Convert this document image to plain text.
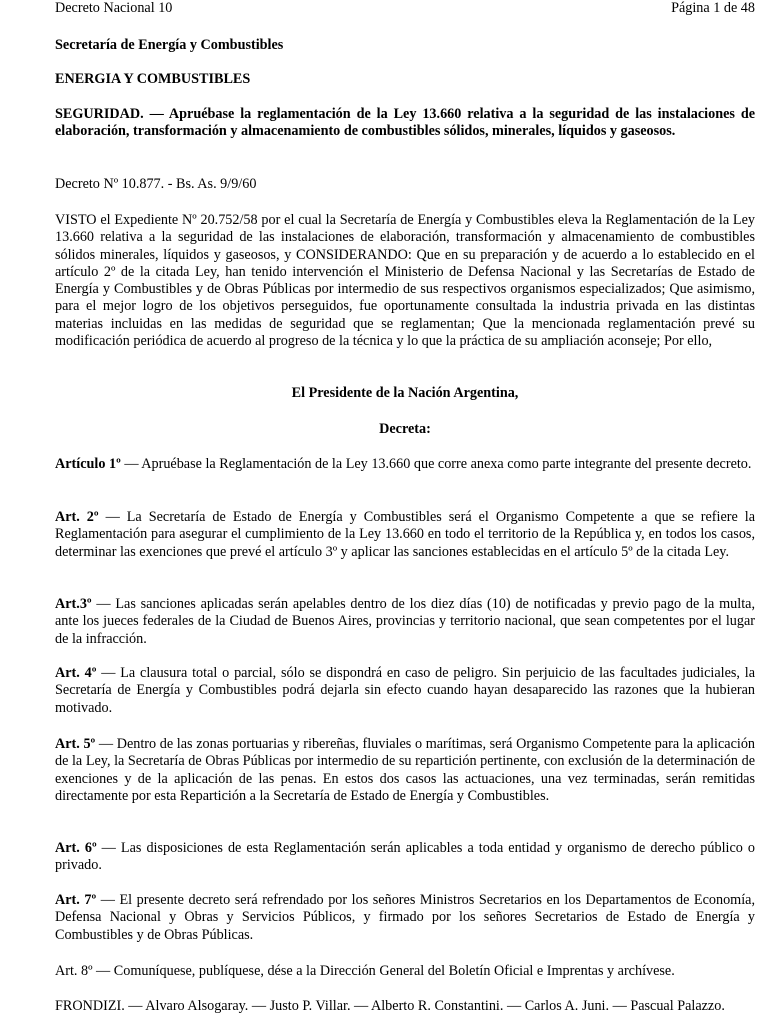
Decreto Nacional 10	Página 1 de 48

Secretaría de Energía y Combustibles

ENERGIA Y COMBUSTIBLES

SEGURIDAD. — Apruébase la reglamentación de la Ley 13.660 relativa a la seguridad de las instalaciones de elaboración, transformación y almacenamiento de combustibles sólidos, minerales, líquidos y gaseosos.

Decreto Nº 10.877. - Bs. As. 9/9/60

VISTO el Expediente Nº 20.752/58 por el cual la Secretaría de Energía y Combustibles eleva la Reglamentación de la Ley 13.660 relativa a la seguridad de las instalaciones de elaboración, transformación y almacenamiento de combustibles sólidos minerales, líquidos y gaseosos, y CONSIDERANDO: Que en su preparación y de acuerdo a lo establecido en el artículo 2º de la citada Ley, han tenido intervención el Ministerio de Defensa Nacional y las Secretarías de Estado de Energía y Combustibles y de Obras Públicas por intermedio de sus respectivos organismos especializados; Que asimismo, para el mejor logro de los objetivos perseguidos, fue oportunamente consultada la industria privada en las distintas materias incluidas en las medidas de seguridad que se reglamentan; Que la mencionada reglamentación prevé su modificación periódica de acuerdo al progreso de la técnica y lo que la práctica de su ampliación aconseje; Por ello,

El Presidente de la Nación Argentina,

Decreta:

Artículo 1º — Apruébase la Reglamentación de la Ley 13.660 que corre anexa como parte integrante del presente decreto.

Art. 2º — La Secretaría de Estado de Energía y Combustibles será el Organismo Competente a que se refiere la Reglamentación para asegurar el cumplimiento de la Ley 13.660 en todo el territorio de la República y, en todos los casos, determinar las exenciones que prevé el artículo 3º y aplicar las sanciones establecidas en el artículo 5º de la citada Ley.

Art.3º — Las sanciones aplicadas serán apelables dentro de los diez días (10) de notificadas y previo pago de la multa, ante los jueces federales de la Ciudad de Buenos Aires, provincias y territorio nacional, que sean competentes por el lugar de la infracción.

Art. 4º — La clausura total o parcial, sólo se dispondrá en caso de peligro. Sin perjuicio de las facultades judiciales, la Secretaría de Energía y Combustibles podrá dejarla sin efecto cuando hayan desaparecido las razones que la hubieran motivado.

Art. 5º — Dentro de las zonas portuarias y ribereñas, fluviales o marítimas, será Organismo Competente para la aplicación de la Ley, la Secretaría de Obras Públicas por intermedio de su repartición pertinente, con exclusión de la determinación de exenciones y de la aplicación de las penas. En estos dos casos las actuaciones, una vez terminadas, serán remitidas directamente por esta Repartición a la Secretaría de Estado de Energía y Combustibles.

Art. 6º — Las disposiciones de esta Reglamentación serán aplicables a toda entidad y organismo de derecho público o privado.

Art. 7º — El presente decreto será refrendado por los señores Ministros Secretarios en los Departamentos de Economía, Defensa Nacional y Obras y Servicios Públicos, y firmado por los señores Secretarios de Estado de Energía y Combustibles y de Obras Públicas.

Art. 8º — Comuníquese, publíquese, dése a la Dirección General del Boletín Oficial e Imprentas y archívese.

FRONDIZI. — Alvaro Alsogaray. — Justo P. Villar. — Alberto R. Constantini. — Carlos A. Juni. — Pascual Palazzo.
